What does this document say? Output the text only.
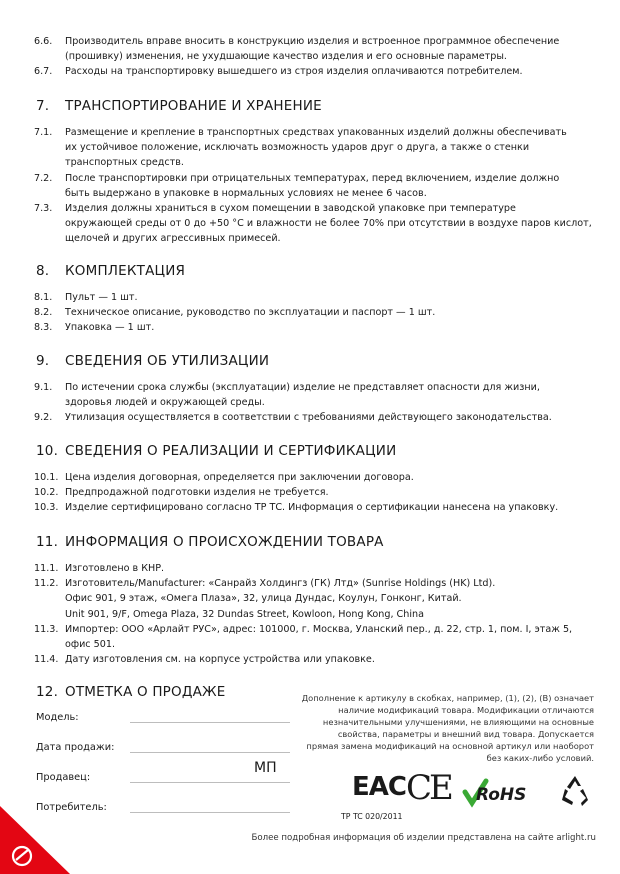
6.6.	Производитель вправе вносить в конструкцию изделия и встроенное программное обеспечение
(прошивку) изменения, не ухудшающие качество изделия и его основные параметры.
6.7.	Расходы на транспортировку вышедшего из строя изделия оплачиваются потребителем.
7. ТРАНСПОРТИРОВАНИЕ И ХРАНЕНИЕ
7.1.	Размещение и крепление в транспортных средствах упакованных изделий должны обеспечивать
их устойчивое положение, исключать возможность ударов друг о друга, а также о стенки
транспортных средств.
7.2.	После транспортировки при отрицательных температурах, перед включением, изделие должно
быть выдержано в упаковке в нормальных условиях не менее 6 часов.
7.3.	Изделия должны храниться в сухом помещении в заводской упаковке при температуре
окружающей среды от 0 до +50 °С и влажности не более 70% при отсутствии в воздухе паров кислот,
щелочей и других агрессивных примесей.
8. КОМПЛЕКТАЦИЯ
8.1.	Пульт — 1 шт.
8.2.	Техническое описание, руководство по эксплуатации и паспорт — 1 шт.
8.3.	Упаковка — 1 шт.
9. СВЕДЕНИЯ ОБ УТИЛИЗАЦИИ
9.1.	По истечении срока службы (эксплуатации) изделие не представляет опасности для жизни,
здоровья людей и окружающей среды.
9.2.	Утилизация осуществляется в соответствии с требованиями действующего законодательства.
10. СВЕДЕНИЯ О РЕАЛИЗАЦИИ И СЕРТИФИКАЦИИ
10.1. Цена изделия договорная, определяется при заключении договора.
10.2. Предпродажной подготовки изделия не требуется.
10.3. Изделие сертифицировано согласно ТР ТС. Информация о сертификации нанесена на упаковку.
11. ИНФОРМАЦИЯ О ПРОИСХОЖДЕНИИ ТОВАРА
11.1. Изготовлено в КНР.
11.2. Изготовитель/Manufacturer: «Санрайз Холдингз (ГК) Лтд» (Sunrise Holdings (HK) Ltd).
Офис 901, 9 этаж, «Омега Плаза», 32, улица Дундас, Коулун, Гонконг, Китай.
Unit 901, 9/F, Omega Plaza, 32 Dundas Street, Kowloon, Hong Kong, China
11.3. Импортер: ООО «Арлайт РУС», адрес: 101000, г. Москва, Уланский пер., д. 22, стр. 1, пом. I, этаж 5,
офис 501.
11.4. Дату изготовления см. на корпусе устройства или упаковке.
12. ОТМЕТКА О ПРОДАЖЕ
Модель:
Дата продажи:
Продавец:
МП
Потребитель:
Дополнение к артикулу в скобках, например, (1), (2), (В) означает
наличие модификаций товара. Модификации отличаются
незначительными улучшениями, не влияющими на основные
свойства, параметры и внешний вид товара. Допускается
прямая замена модификаций на основной артикул или наоборот
без каких-либо условий.
EAC CE RoHS
TP TC 020/2011
Более подробная информация об изделии представлена на сайте arlight.ru
